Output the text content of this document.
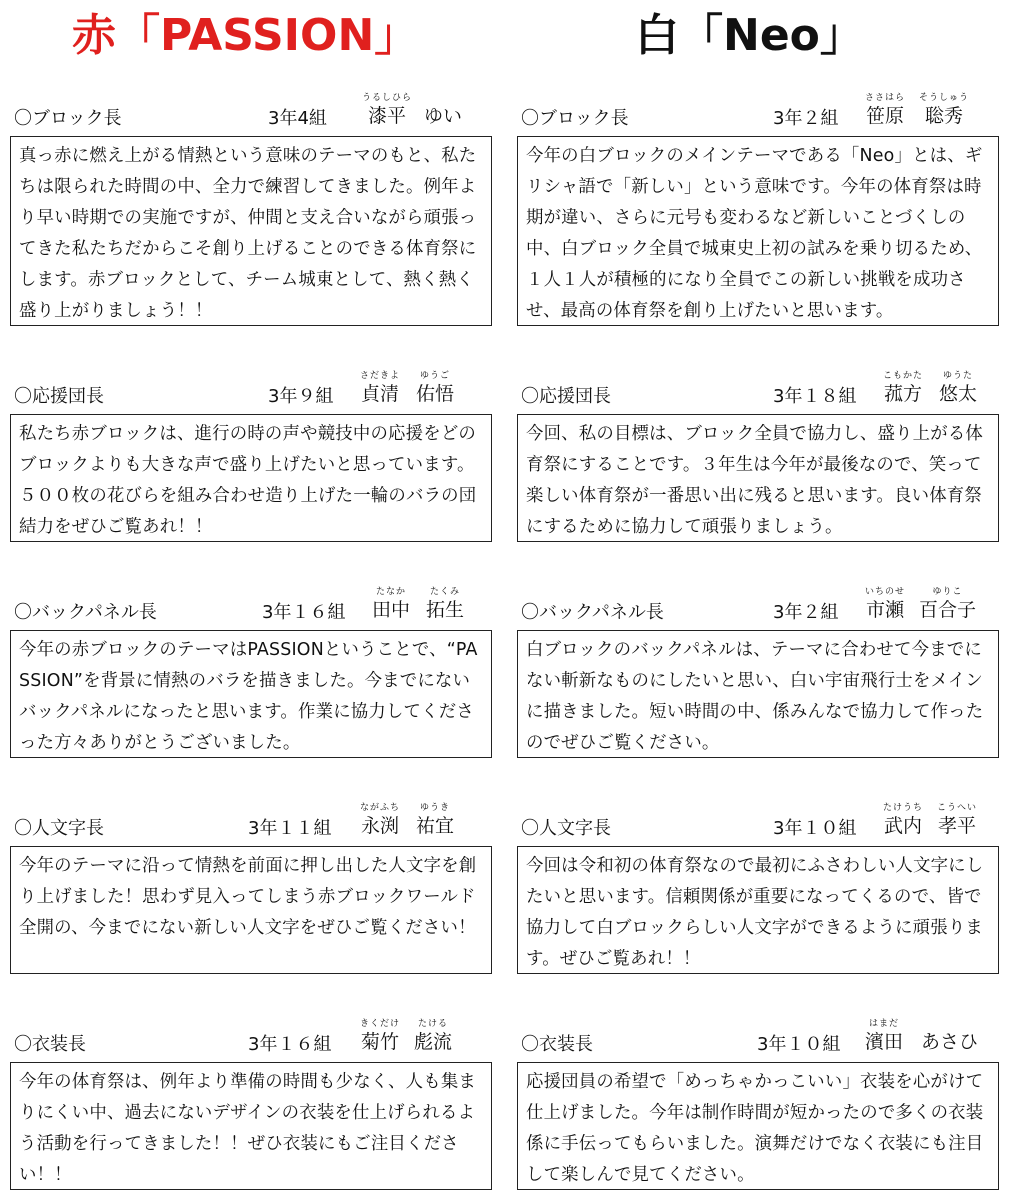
赤「PASSION」
〇ブロック長	3年4組
うるしひら
漆平 ゆい
真っ赤に燃え上がる情熱という意味のテーマのもと、私たちは限られた時間の中、全力で練習してきました。例年より早い時期での実施ですが、仲間と支え合いながら頑張ってきた私たちだからこそ創り上げることのできる体育祭にします。赤ブロックとして、チーム城東として、熱く熱く盛り上がりましょう！！
〇応援団長	3年９組
さだきよ
貞清
ゆうご
佑悟
私たち赤ブロックは、進行の時の声や競技中の応援をどのブロックよりも大きな声で盛り上げたいと思っています。５００枚の花びらを組み合わせ造り上げた一輪のバラの団結力をぜひご覧あれ！！
〇バックパネル長	3年１６組
たなか
田中
たくみ
拓生
今年の赤ブロックのテーマはPASSIONということで、“PASSION”を背景に情熱のバラを描きました。今までにないバックパネルになったと思います。作業に協力してくださった方々ありがとうございました。
〇人文字長	3年１１組
ながふち
永渕
ゆうき
祐宜
今年のテーマに沿って情熱を前面に押し出した人文字を創り上げました！思わず見入ってしまう赤ブロックワールド全開の、今までにない新しい人文字をぜひご覧ください！
〇衣装長	3年１６組
きくだけ
菊竹
たける
彪流
今年の体育祭は、例年より準備の時間も少なく、人も集まりにくい中、過去にないデザインの衣装を仕上げられるよう活動を行ってきました！！ぜひ衣装にもご注目ください！！
白「Neo」
〇ブロック長	3年２組
ささはら
笹原
そうしゅう
聡秀
今年の白ブロックのメインテーマである「Neo」とは、ギリシャ語で「新しい」という意味です。今年の体育祭は時期が違い、さらに元号も変わるなど新しいことづくしの中、白ブロック全員で城東史上初の試みを乗り切るため、１人１人が積極的になり全員でこの新しい挑戦を成功させ、最高の体育祭を創り上げたいと思います。
〇応援団長	3年１８組
こもかた
菰方
ゆうた
悠太
今回、私の目標は、ブロック全員で協力し、盛り上がる体育祭にすることです。３年生は今年が最後なので、笑って楽しい体育祭が一番思い出に残ると思います。良い体育祭にするために協力して頑張りましょう。
〇バックパネル長	3年２組
いちのせ
市瀬
ゆりこ
百合子
白ブロックのバックパネルは、テーマに合わせて今までにない斬新なものにしたいと思い、白い宇宙飛行士をメインに描きました。短い時間の中、係みんなで協力して作ったのでぜひご覧ください。
〇人文字長	3年１０組
たけうち
武内
こうへい
孝平
今回は令和初の体育祭なので最初にふさわしい人文字にしたいと思います。信頼関係が重要になってくるので、皆で協力して白ブロックらしい人文字ができるように頑張ります。ぜひご覧あれ！！
〇衣装長	3年１０組
はまだ
濱田 あさひ
応援団員の希望で「めっちゃかっこいい」衣装を心がけて仕上げました。今年は制作時間が短かったので多くの衣装係に手伝ってもらいました。演舞だけでなく衣装にも注目して楽しんで見てください。
